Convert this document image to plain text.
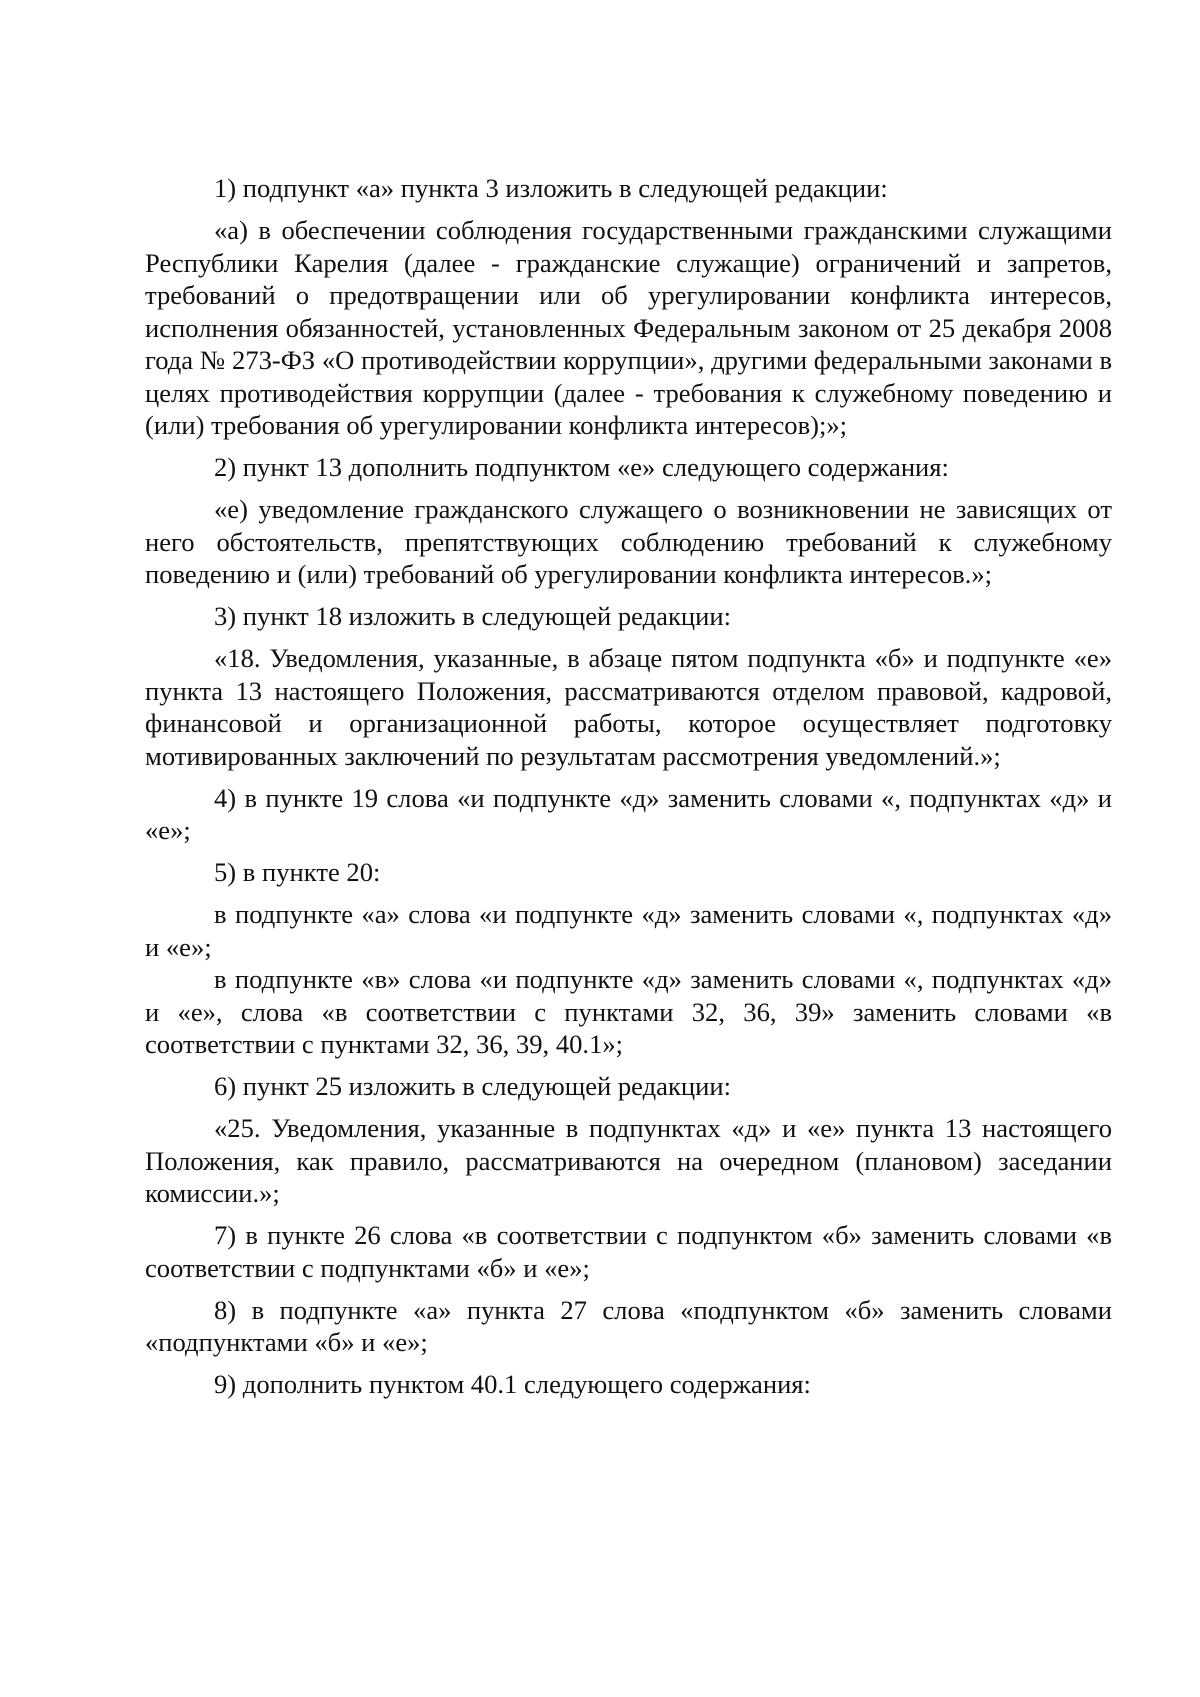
1) подпункт «а» пункта 3 изложить в следующей редакции:

«а) в обеспечении соблюдения государственными гражданскими служащими Республики Карелия (далее - гражданские служащие) ограничений и запретов, требований о предотвращении или об урегулировании конфликта интересов, исполнения обязанностей, установленных Федеральным законом от 25 декабря 2008 года № 273-ФЗ «О противодействии коррупции», другими федеральными законами в целях противодействия коррупции (далее - требования к служебному поведению и (или) требования об урегулировании конфликта интересов);»;

2) пункт 13 дополнить подпунктом «е» следующего содержания:

«е) уведомление гражданского служащего о возникновении не зависящих от него обстоятельств, препятствующих соблюдению требований к служебному поведению и (или) требований об урегулировании конфликта интересов.»;

3) пункт 18 изложить в следующей редакции:

«18. Уведомления, указанные, в абзаце пятом подпункта «б» и подпункте «е» пункта 13 настоящего Положения, рассматриваются отделом правовой, кадровой, финансовой и организационной работы, которое осуществляет подготовку мотивированных заключений по результатам рассмотрения уведомлений.»;

4) в пункте 19 слова «и подпункте «д» заменить словами «, подпунктах «д» и «е»;

5) в пункте 20:

в подпункте «а» слова «и подпункте «д» заменить словами «, подпунктах «д» и «е»;

в подпункте «в» слова «и подпункте «д» заменить словами «, подпунктах «д» и «е», слова «в соответствии с пунктами 32, 36, 39» заменить словами «в соответствии с пунктами 32, 36, 39, 40.1»;

6) пункт 25 изложить в следующей редакции:

«25. Уведомления, указанные в подпунктах «д» и «е» пункта 13 настоящего Положения, как правило, рассматриваются на очередном (плановом) заседании комиссии.»;

7) в пункте 26 слова «в соответствии с подпунктом «б» заменить словами «в соответствии с подпунктами «б» и «е»;

8) в подпункте «а» пункта 27 слова «подпунктом «б» заменить словами «подпунктами «б» и «е»;

9) дополнить пунктом 40.1 следующего содержания:
